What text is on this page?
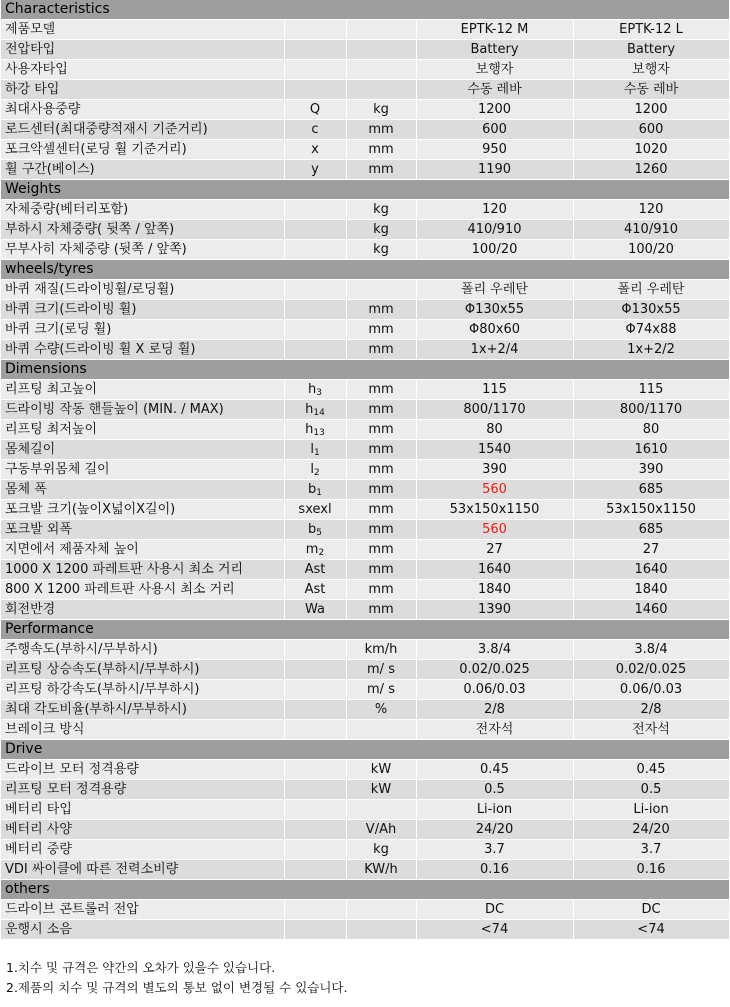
Characteristics				
제품모델			EPTK-12 M	EPTK-12 L
전압타입			Battery	Battery
사용자타입			보행자	보행자
하강 타입			수동 레바	수동 레바
최대사용중량	Q	kg	1200	1200
로드센터(최대중량적재시 기준거리)	c	mm	600	600
포크악셀센터(로딩 휠 기준거리)	x	mm	950	1020
휠 구간(베이스)	y	mm	1190	1260
Weights				
자체중량(베터리포함)		kg	120	120
부하시 자체중량( 뒷쪽 / 앞쪽)		kg	410/910	410/910
무부사히 자체중량 (뒷쪽 / 앞쪽)		kg	100/20	100/20
wheels/tyres				
바퀴 재질(드라이빙휠/로딩휠)			폴리 우레탄	폴리 우레탄
바퀴 크기(드라이빙 휠)		mm	Φ130x55	Φ130x55
바퀴 크기(로딩 휠)		mm	Φ80x60	Φ74x88
바퀴 수량(드라이빙 휠 X 로딩 휠)		mm	1x+2/4	1x+2/2
Dimensions				
리프팅 최고높이	$h_3$	mm	115	115
드라이빙 작동 핸들높이 (MIN. / MAX)	$h_{14}$	mm	800/1170	800/1170
리프팅 최저높이	$h_{13}$	mm	80	80
몸체길이	$l_1$	mm	1540	1610
구동부위몸체 길이	$l_2$	mm	390	390
몸체 폭	$b_1$	mm	560	685
포크발 크기(높이X넓이X길이)	sxexl	mm	53x150x1150	53x150x1150
포크발 외폭	$b_5$	mm	560	685
지면에서 제품자체 높이	$m_2$	mm	27	27
1000 X 1200 파레트판 사용시 최소 거리	Ast	mm	1640	1640
800 X 1200 파레트판 사용시 최소 거리	Ast	mm	1840	1840
회전반경	Wa	mm	1390	1460
Performance				
주행속도(부하시/무부하시)		km/h	3.8/4	3.8/4
리프팅 상승속도(부하시/무부하시)		m/ s	0.02/0.025	0.02/0.025
리프팅 하강속도(부하시/무부하시)		m/ s	0.06/0.03	0.06/0.03
최대 각도비율(부하시/무부하시)		%	2/8	2/8
브레이크 방식			전자석	전자석
Drive				
드라이브 모터 정격용량		kW	0.45	0.45
리프팅 모터 정격용량		kW	0.5	0.5
베터리 타입			Li-ion	Li-ion
베터리 사양		V/Ah	24/20	24/20
베터리 중량		kg	3.7	3.7
VDI 싸이클에 따른 전력소비량		KW/h	0.16	0.16
others				
드라이브 콘트롤러 전압			DC	DC
운행시 소음			<74	<74
1.치수 및 규격은 약간의 오차가 있을수 있습니다.
2.제품의 치수 및 규격의 별도의 통보 없이 변경될 수 있습니다.
